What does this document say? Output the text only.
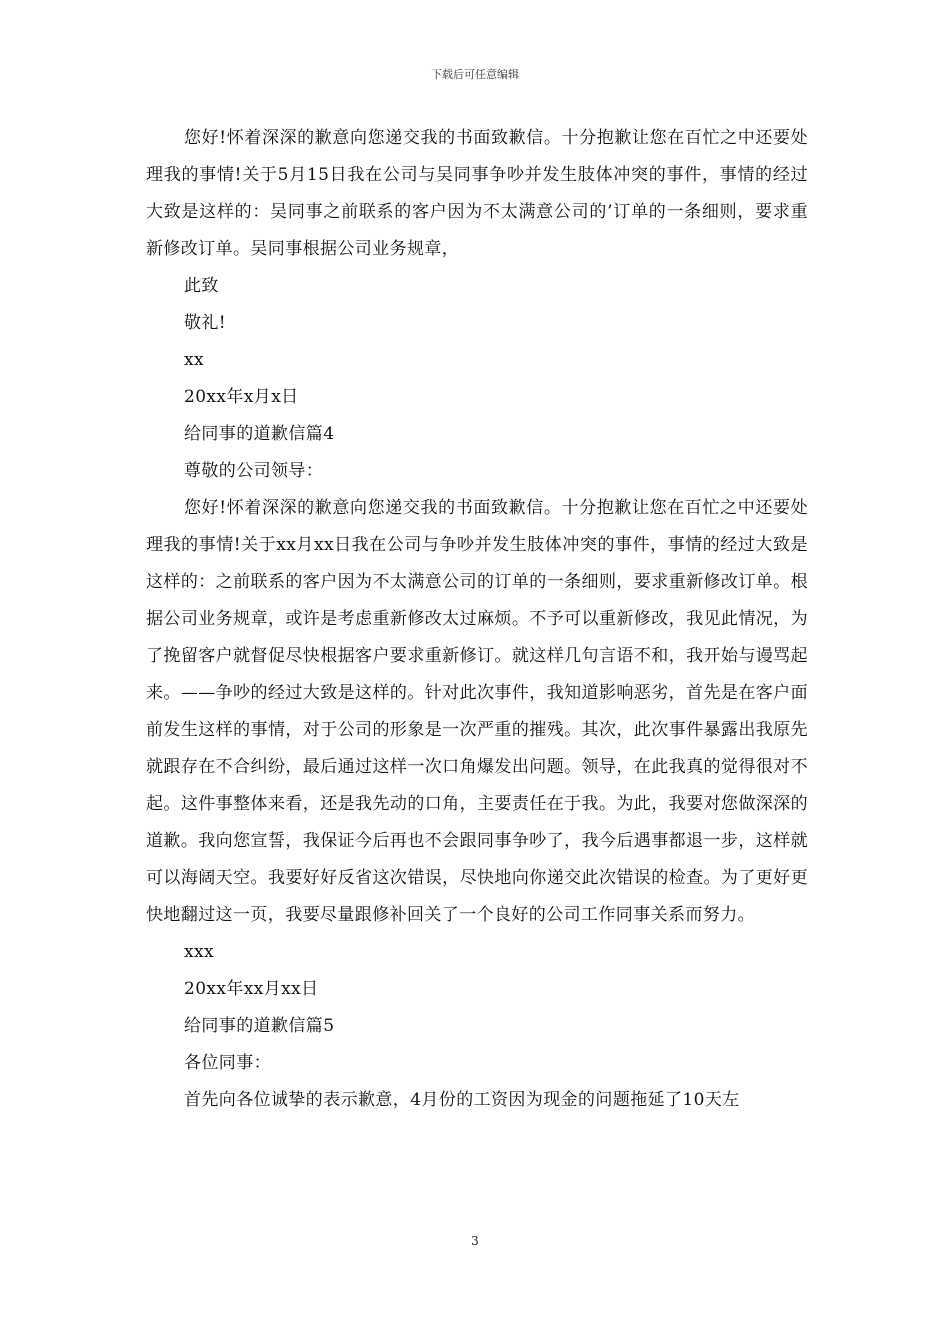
下载后可任意编辑

您好!怀着深深的歉意向您递交我的书面致歉信。十分抱歉让您在百忙之中还要处理我的事情!关于5月15日我在公司与吴同事争吵并发生肢体冲突的事件，事情的经过大致是这样的：吴同事之前联系的客户因为不太满意公司的’订单的一条细则，要求重新修改订单。吴同事根据公司业务规章，

此致

敬礼!

xx

20xx年x月x日

给同事的道歉信篇4

尊敬的公司领导：

您好!怀着深深的歉意向您递交我的书面致歉信。十分抱歉让您在百忙之中还要处理我的事情!关于xx月xx日我在公司与争吵并发生肢体冲突的事件，事情的经过大致是这样的：之前联系的客户因为不太满意公司的订单的一条细则，要求重新修改订单。根据公司业务规章，或许是考虑重新修改太过麻烦。不予可以重新修改，我见此情况，为了挽留客户就督促尽快根据客户要求重新修订。就这样几句言语不和，我开始与谩骂起来。——争吵的经过大致是这样的。针对此次事件，我知道影响恶劣，首先是在客户面前发生这样的事情，对于公司的形象是一次严重的摧残。其次，此次事件暴露出我原先就跟存在不合纠纷，最后通过这样一次口角爆发出问题。领导，在此我真的觉得很对不起。这件事整体来看，还是我先动的口角，主要责任在于我。为此，我要对您做深深的道歉。我向您宣誓，我保证今后再也不会跟同事争吵了，我今后遇事都退一步，这样就可以海阔天空。我要好好反省这次错误，尽快地向你递交此次错误的检查。为了更好更快地翻过这一页，我要尽量跟修补回关了一个良好的公司工作同事关系而努力。

xxx

20xx年xx月xx日

给同事的道歉信篇5

各位同事：

首先向各位诚挚的表示歉意，4月份的工资因为现金的问题拖延了10天左

3
